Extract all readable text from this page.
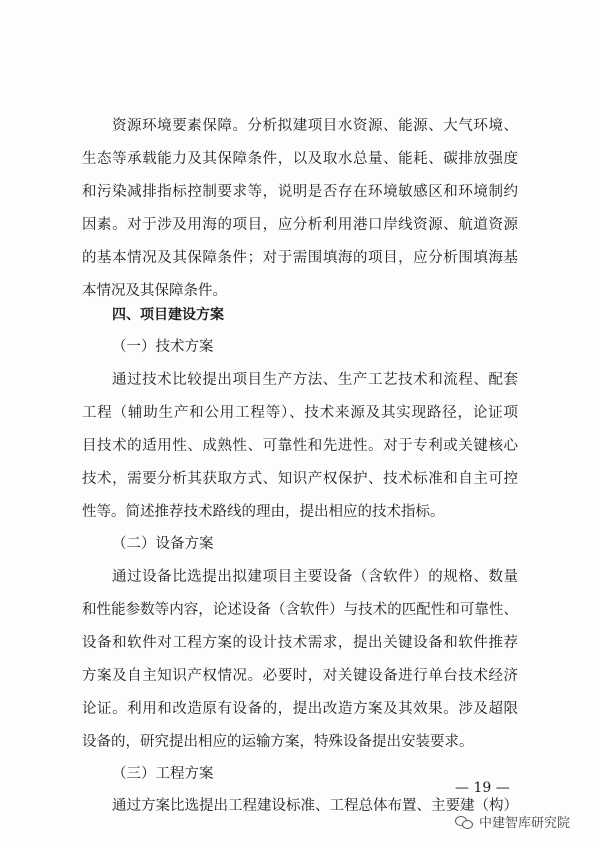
资源环境要素保障。分析拟建项目水资源、能源、大气环境、
生态等承载能力及其保障条件，以及取水总量、能耗、碳排放强度
和污染减排指标控制要求等，说明是否存在环境敏感区和环境制约
因素。对于涉及用海的项目，应分析利用港口岸线资源、航道资源
的基本情况及其保障条件；对于需围填海的项目，应分析围填海基
本情况及其保障条件。
四、项目建设方案
（一）技术方案
通过技术比较提出项目生产方法、生产工艺技术和流程、配套
工程（辅助生产和公用工程等）、技术来源及其实现路径，论证项
目技术的适用性、成熟性、可靠性和先进性。对于专利或关键核心
技术，需要分析其获取方式、知识产权保护、技术标准和自主可控
性等。简述推荐技术路线的理由，提出相应的技术指标。
（二）设备方案
通过设备比选提出拟建项目主要设备（含软件）的规格、数量
和性能参数等内容，论述设备（含软件）与技术的匹配性和可靠性、
设备和软件对工程方案的设计技术需求，提出关键设备和软件推荐
方案及自主知识产权情况。必要时，对关键设备进行单台技术经济
论证。利用和改造原有设备的，提出改造方案及其效果。涉及超限
设备的，研究提出相应的运输方案，特殊设备提出安装要求。
（三）工程方案
通过方案比选提出工程建设标准、工程总体布置、主要建（构）
— 19 —
中建智库研究院
